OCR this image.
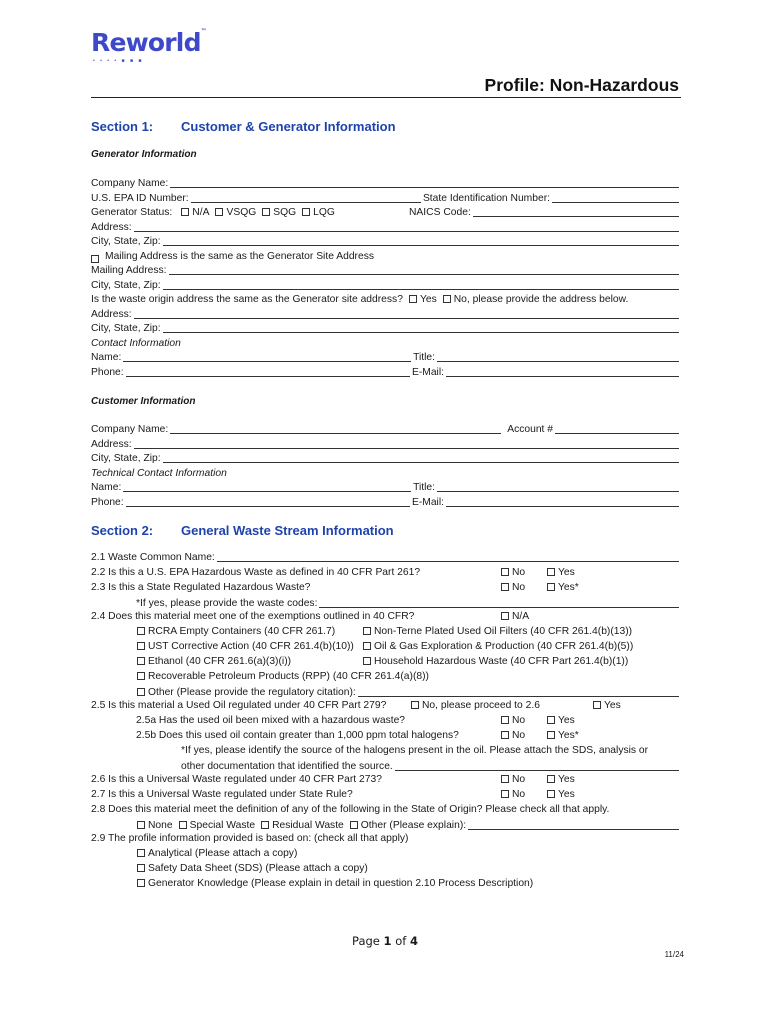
Reworld™
• • • • ■ ■ ■
Profile: Non-Hazardous
Section 1: Customer & Generator Information
Generator Information
Company Name:
U.S. EPA ID Number:	State Identification Number:
Generator Status:	N/A	VSQG	SQG	LQG	NAICS Code:
Address:
City, State, Zip:
Mailing Address is the same as the Generator Site Address
Mailing Address:
City, State, Zip:
Is the waste origin address the same as the Generator site address?	Yes	No, please provide the address below.
Address:
City, State, Zip:
Contact Information
Name:	Title:
Phone:	E-Mail:
Customer Information
Company Name:	Account #
Address:
City, State, Zip:
Technical Contact Information
Name:	Title:
Phone:	E-Mail:
Section 2: General Waste Stream Information
2.1 Waste Common Name:
2.2 Is this a U.S. EPA Hazardous Waste as defined in 40 CFR Part 261?	No	Yes
2.3 Is this a State Regulated Hazardous Waste?	No	Yes*
*If yes, please provide the waste codes:
2.4 Does this material meet one of the exemptions outlined in 40 CFR?	N/A
RCRA Empty Containers (40 CFR 261.7)	Non-Terne Plated Used Oil Filters (40 CFR 261.4(b)(13))
UST Corrective Action (40 CFR 261.4(b)(10))	Oil & Gas Exploration & Production (40 CFR 261.4(b)(5))
Ethanol (40 CFR 261.6(a)(3)(i))	Household Hazardous Waste (40 CFR Part 261.4(b)(1))
Recoverable Petroleum Products (RPP) (40 CFR 261.4(a)(8))
Other (Please provide the regulatory citation):
2.5 Is this material a Used Oil regulated under 40 CFR Part 279?	No, please proceed to 2.6	Yes
2.5a Has the used oil been mixed with a hazardous waste?	No	Yes
2.5b Does this used oil contain greater than 1,000 ppm total halogens?	No	Yes*
*If yes, please identify the source of the halogens present in the oil. Please attach the SDS, analysis or
other documentation that identified the source.
2.6 Is this a Universal Waste regulated under 40 CFR Part 273?	No	Yes
2.7 Is this a Universal Waste regulated under State Rule?	No	Yes
2.8 Does this material meet the definition of any of the following in the State of Origin? Please check all that apply.
None	Special Waste	Residual Waste	Other (Please explain):
2.9 The profile information provided is based on: (check all that apply)
Analytical (Please attach a copy)
Safety Data Sheet (SDS) (Please attach a copy)
Generator Knowledge (Please explain in detail in question 2.10 Process Description)
Page 1 of 4
11/24
